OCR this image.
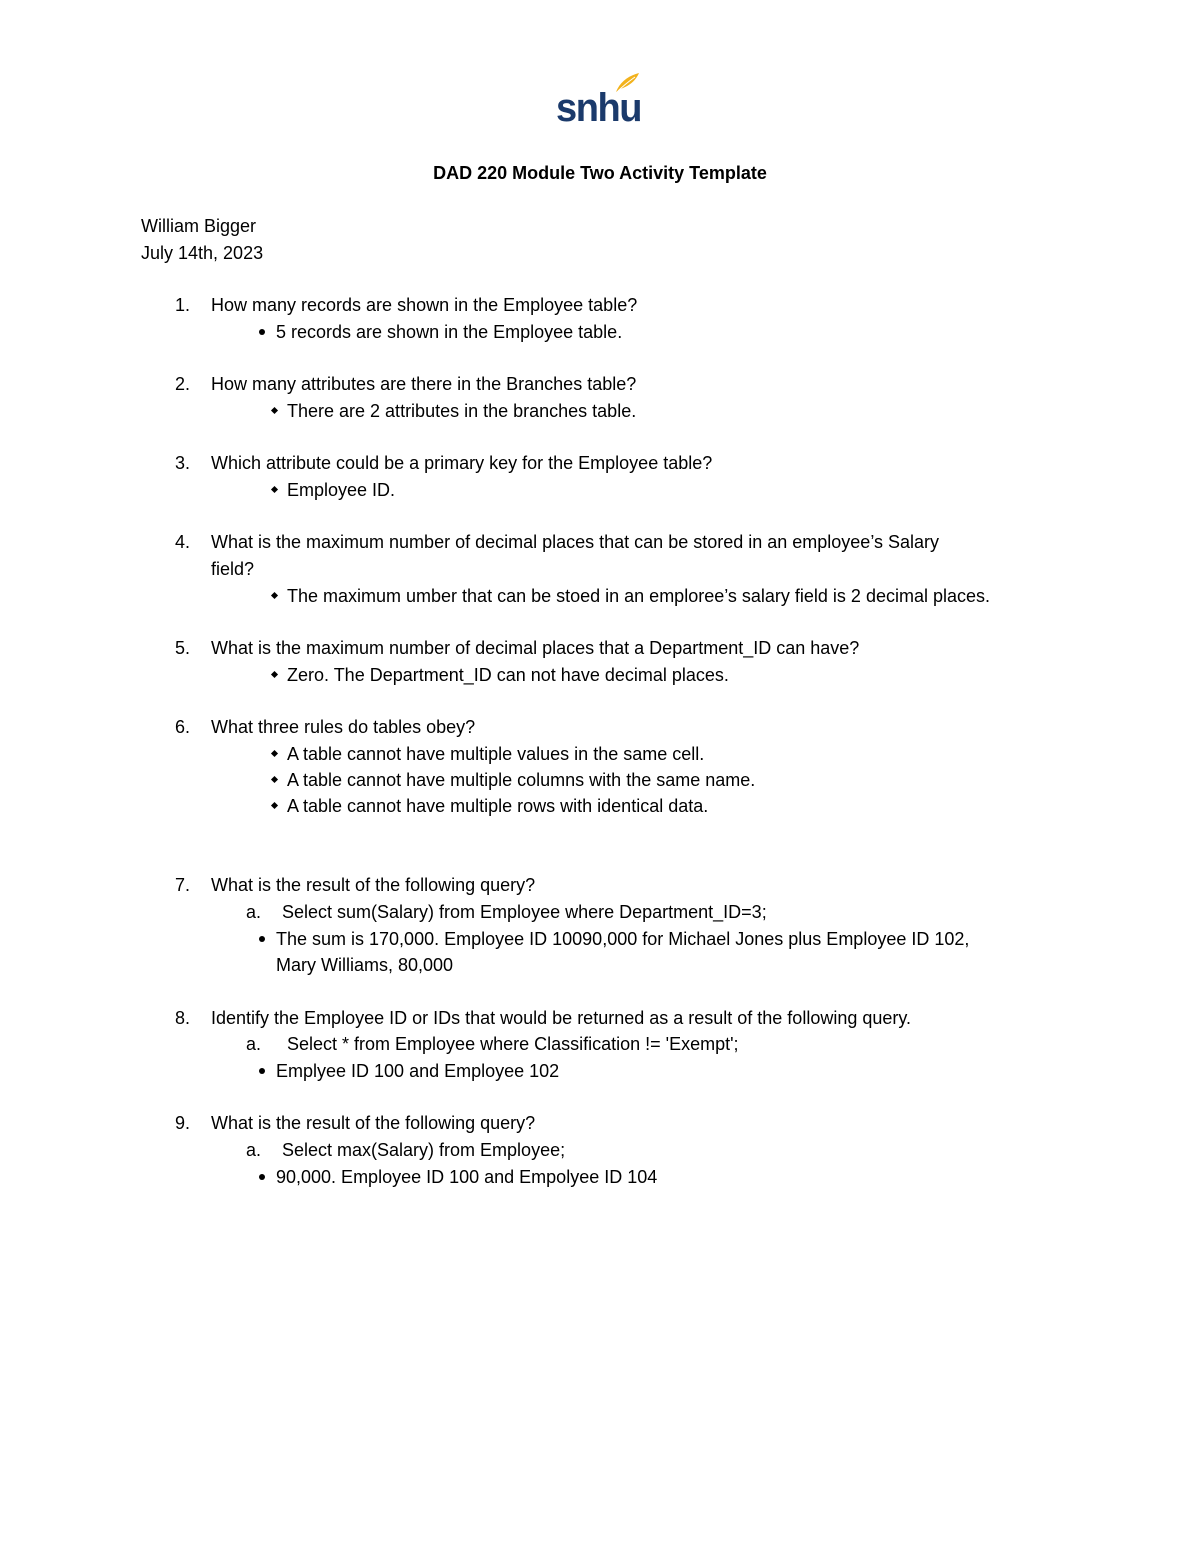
snhu
DAD 220 Module Two Activity Template
William Bigger
July 14th, 2023
1. How many records are shown in the Employee table?
5 records are shown in the Employee table.
2. How many attributes are there in the Branches table?
There are 2 attributes in the branches table.
3. Which attribute could be a primary key for the Employee table?
Employee ID.
4. What is the maximum number of decimal places that can be stored in an employee’s Salary
field?
The maximum umber that can be stoed in an emploree’s salary field is 2 decimal places.
5. What is the maximum number of decimal places that a Department_ID can have?
Zero. The Department_ID can not have decimal places.
6. What three rules do tables obey?
A table cannot have multiple values in the same cell.
A table cannot have multiple columns with the same name.
A table cannot have multiple rows with identical data.
7. What is the result of the following query?
a. Select sum(Salary) from Employee where Department_ID=3;
The sum is 170,000. Employee ID 10090,000 for Michael Jones plus Employee ID 102,
Mary Williams, 80,000
8. Identify the Employee ID or IDs that would be returned as a result of the following query.
a. Select * from Employee where Classification != 'Exempt';
Emplyee ID 100 and Employee 102
9. What is the result of the following query?
a. Select max(Salary) from Employee;
90,000. Employee ID 100 and Empolyee ID 104
